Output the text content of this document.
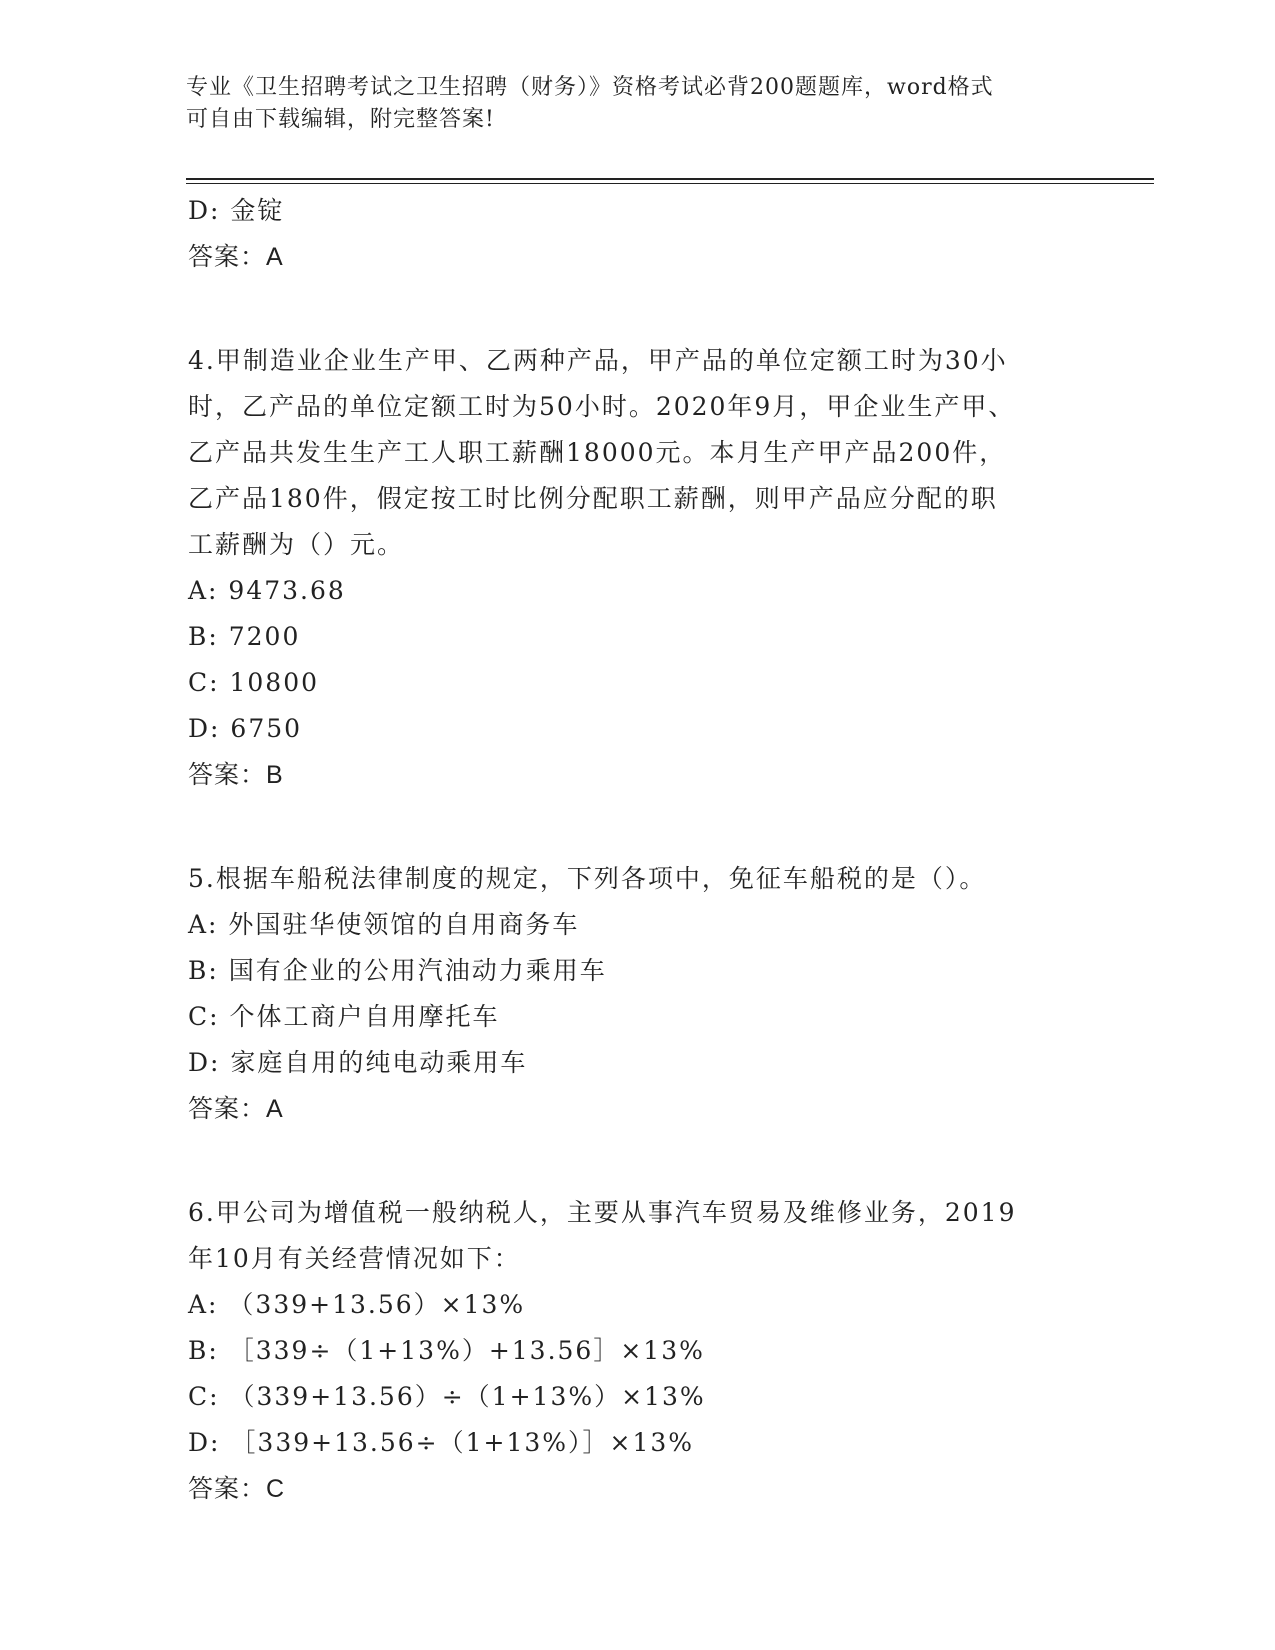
专业《卫生招聘考试之卫生招聘（财务）》资格考试必背200题题库，word格式
可自由下载编辑，附完整答案!
D: 金锭
答案：A
4.甲制造业企业生产甲、乙两种产品，甲产品的单位定额工时为30小
时，乙产品的单位定额工时为50小时。2020年9月，甲企业生产甲、
乙产品共发生生产工人职工薪酬18000元。本月生产甲产品200件，
乙产品180件，假定按工时比例分配职工薪酬，则甲产品应分配的职
工薪酬为（）元。
A: 9473.68
B: 7200
C: 10800
D: 6750
答案：B
5.根据车船税法律制度的规定，下列各项中，免征车船税的是（）。
A: 外国驻华使领馆的自用商务车
B: 国有企业的公用汽油动力乘用车
C: 个体工商户自用摩托车
D: 家庭自用的纯电动乘用车
答案：A
6.甲公司为增值税一般纳税人，主要从事汽车贸易及维修业务，2019
年10月有关经营情况如下：
A: （339+13.56）×13%
B: ［339÷（1+13%）+13.56］×13%
C: （339+13.56）÷（1+13%）×13%
D: ［339+13.56÷（1+13%）］×13%
答案：C
